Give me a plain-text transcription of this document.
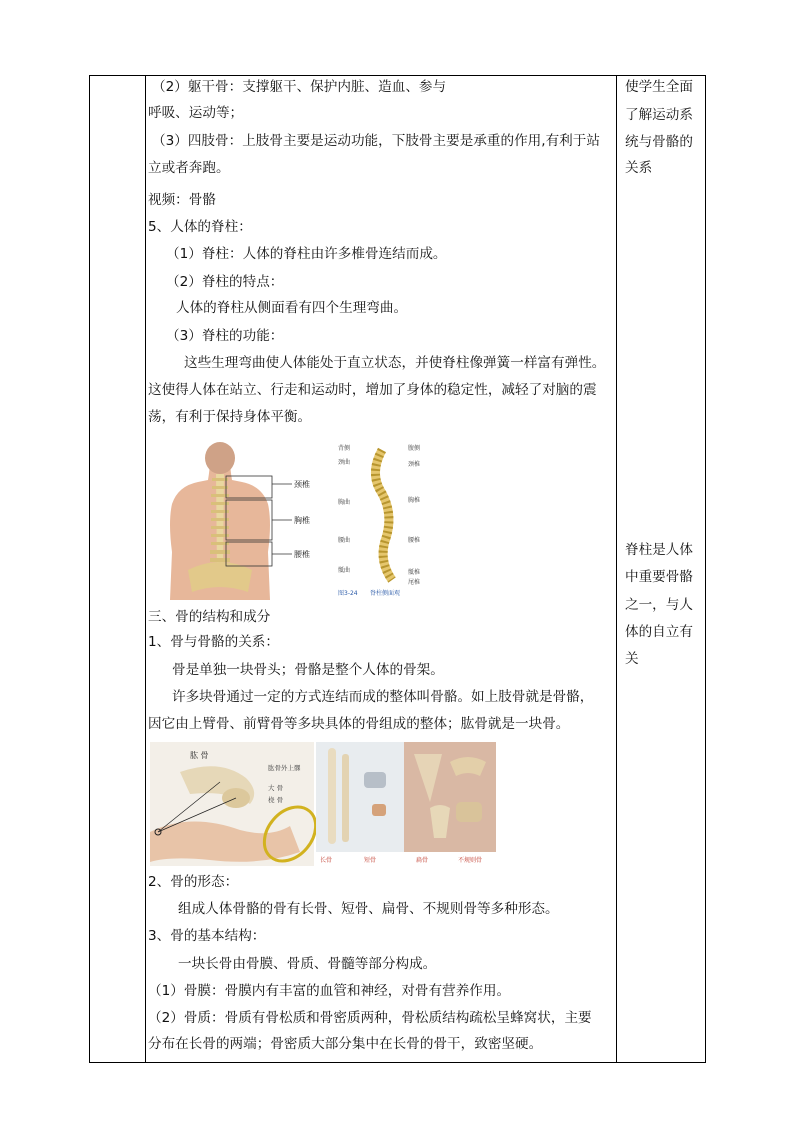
（2）躯干骨：支撑躯干、保护内脏、造血、参与
呼吸、运动等；
（3）四肢骨：上肢骨主要是运动功能，下肢骨主要是承重的作用,有利于站
立或者奔跑。
视频：骨骼
5、人体的脊柱：
（1）脊柱：人体的脊柱由许多椎骨连结而成。
（2）脊柱的特点：
人体的脊柱从侧面看有四个生理弯曲。
（3）脊柱的功能：
这些生理弯曲使人体能处于直立状态，并使脊柱像弹簧一样富有弹性。
这使得人体在站立、行走和运动时，增加了身体的稳定性，减轻了对脑的震
荡，有利于保持身体平衡。
颈椎
胸椎
腰椎
背侧
颈曲
胸曲
腰曲
骶曲
腹侧
颈椎
胸椎
腰椎
骶椎
尾椎
图3-24 脊柱侧面观
三、骨的结构和成分
1、骨与骨骼的关系：
骨是单独一块骨头；骨骼是整个人体的骨架。
许多块骨通过一定的方式连结而成的整体叫骨骼。如上肢骨就是骨骼，
因它由上臂骨、前臂骨等多块具体的骨组成的整体；肱骨就是一块骨。
肱 骨
肱骨外上髁
大 骨
桡 骨
长骨	短骨	扁骨	不规则骨
2、骨的形态：
组成人体骨骼的骨有长骨、短骨、扁骨、不规则骨等多种形态。
3、骨的基本结构：
一块长骨由骨膜、骨质、骨髓等部分构成。
（1）骨膜：骨膜内有丰富的血管和神经，对骨有营养作用。
（2）骨质：骨质有骨松质和骨密质两种，骨松质结构疏松呈蜂窝状，主要
分布在长骨的两端；骨密质大部分集中在长骨的骨干，致密坚硬。
使学生全面
了解运动系
统与骨骼的
关系
脊柱是人体
中重要骨骼
之一，与人
体的自立有
关
